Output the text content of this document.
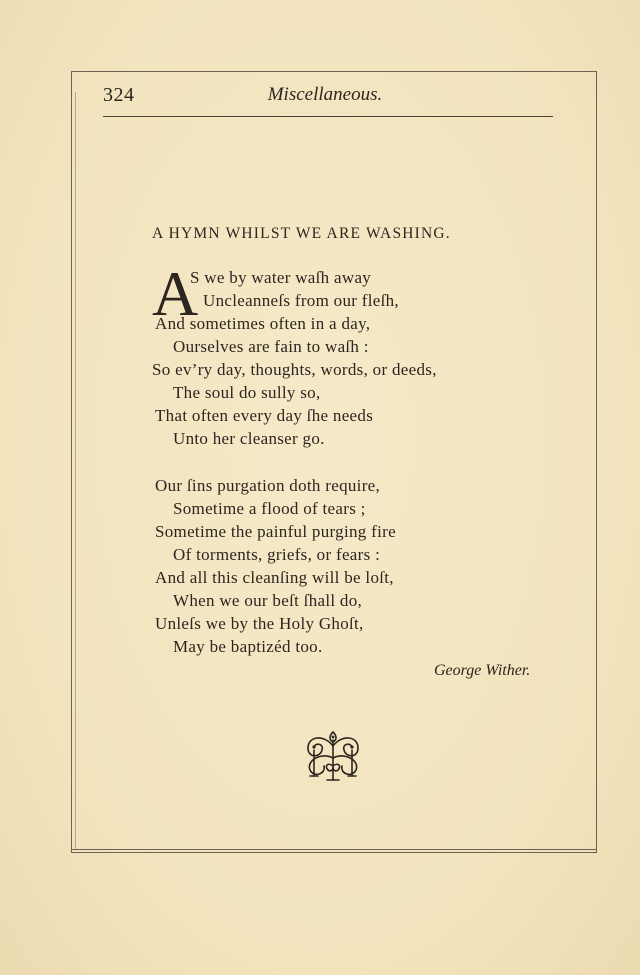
324	Miscellaneous.
A HYMN WHILST WE ARE WASHING.
A
S we by water waſh away
Uncleanneſs from our fleſh,
And sometimes often in a day,
Ourselves are fain to waſh :
So ev’ry day, thoughts, words, or deeds,
The soul do sully so,
That often every day ſhe needs
Unto her cleanser go.
Our ſins purgation doth require,
Sometime a flood of tears ;
Sometime the painful purging fire
Of torments, griefs, or fears :
And all this cleanſing will be loſt,
When we our beſt ſhall do,
Unleſs we by the Holy Ghoſt,
May be baptizéd too.
George Wither.
